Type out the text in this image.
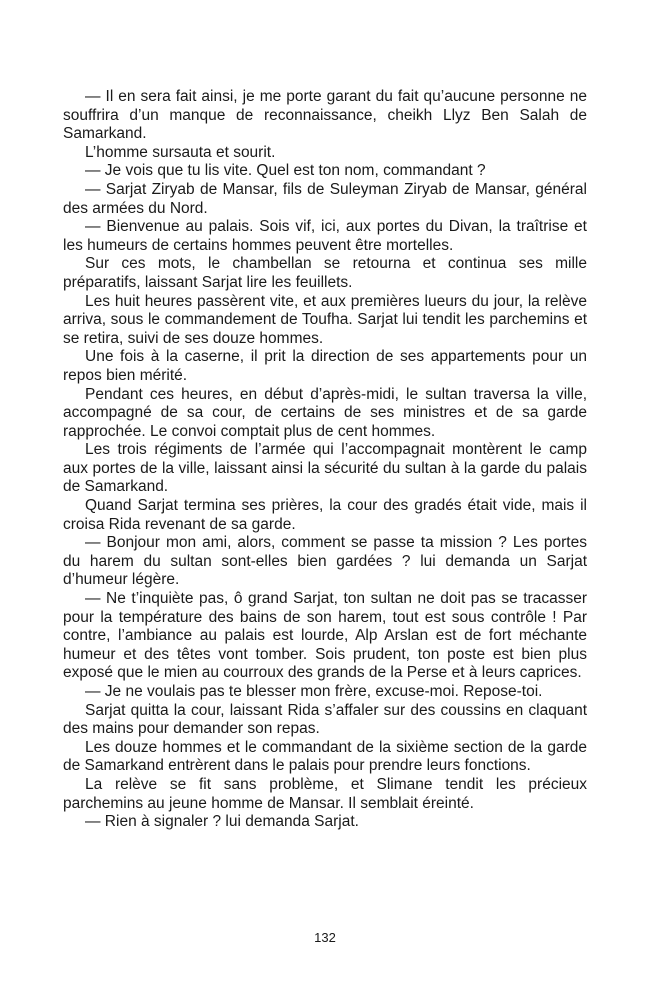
— Il en sera fait ainsi, je me porte garant du fait qu’aucune personne ne souffrira d’un manque de reconnaissance, cheikh Llyz Ben Salah de Samarkand.

L’homme sursauta et sourit.

— Je vois que tu lis vite. Quel est ton nom, commandant ?

— Sarjat Ziryab de Mansar, fils de Suleyman Ziryab de Mansar, général des armées du Nord.

— Bienvenue au palais. Sois vif, ici, aux portes du Divan, la traîtrise et les humeurs de certains hommes peuvent être mortelles.

Sur ces mots, le chambellan se retourna et continua ses mille préparatifs, laissant Sarjat lire les feuillets.

Les huit heures passèrent vite, et aux premières lueurs du jour, la relève arriva, sous le commandement de Toufha. Sarjat lui tendit les parchemins et se retira, suivi de ses douze hommes.

Une fois à la caserne, il prit la direction de ses appartements pour un repos bien mérité.

Pendant ces heures, en début d’après-midi, le sultan traversa la ville, accompagné de sa cour, de certains de ses ministres et de sa garde rapprochée. Le convoi comptait plus de cent hommes.

Les trois régiments de l’armée qui l’accompagnait montèrent le camp aux portes de la ville, laissant ainsi la sécurité du sultan à la garde du palais de Samarkand.

Quand Sarjat termina ses prières, la cour des gradés était vide, mais il croisa Rida revenant de sa garde.

— Bonjour mon ami, alors, comment se passe ta mission ? Les portes du harem du sultan sont-elles bien gardées ? lui demanda un Sarjat d’humeur légère.

— Ne t’inquiète pas, ô grand Sarjat, ton sultan ne doit pas se tracasser pour la température des bains de son harem, tout est sous contrôle ! Par contre, l’ambiance au palais est lourde, Alp Arslan est de fort méchante humeur et des têtes vont tomber. Sois prudent, ton poste est bien plus exposé que le mien au courroux des grands de la Perse et à leurs caprices.

— Je ne voulais pas te blesser mon frère, excuse-moi. Repose-toi.

Sarjat quitta la cour, laissant Rida s’affaler sur des coussins en claquant des mains pour demander son repas.

Les douze hommes et le commandant de la sixième section de la garde de Samarkand entrèrent dans le palais pour prendre leurs fonctions.

La relève se fit sans problème, et Slimane tendit les précieux parchemins au jeune homme de Mansar. Il semblait éreinté.

— Rien à signaler ? lui demanda Sarjat.

132
